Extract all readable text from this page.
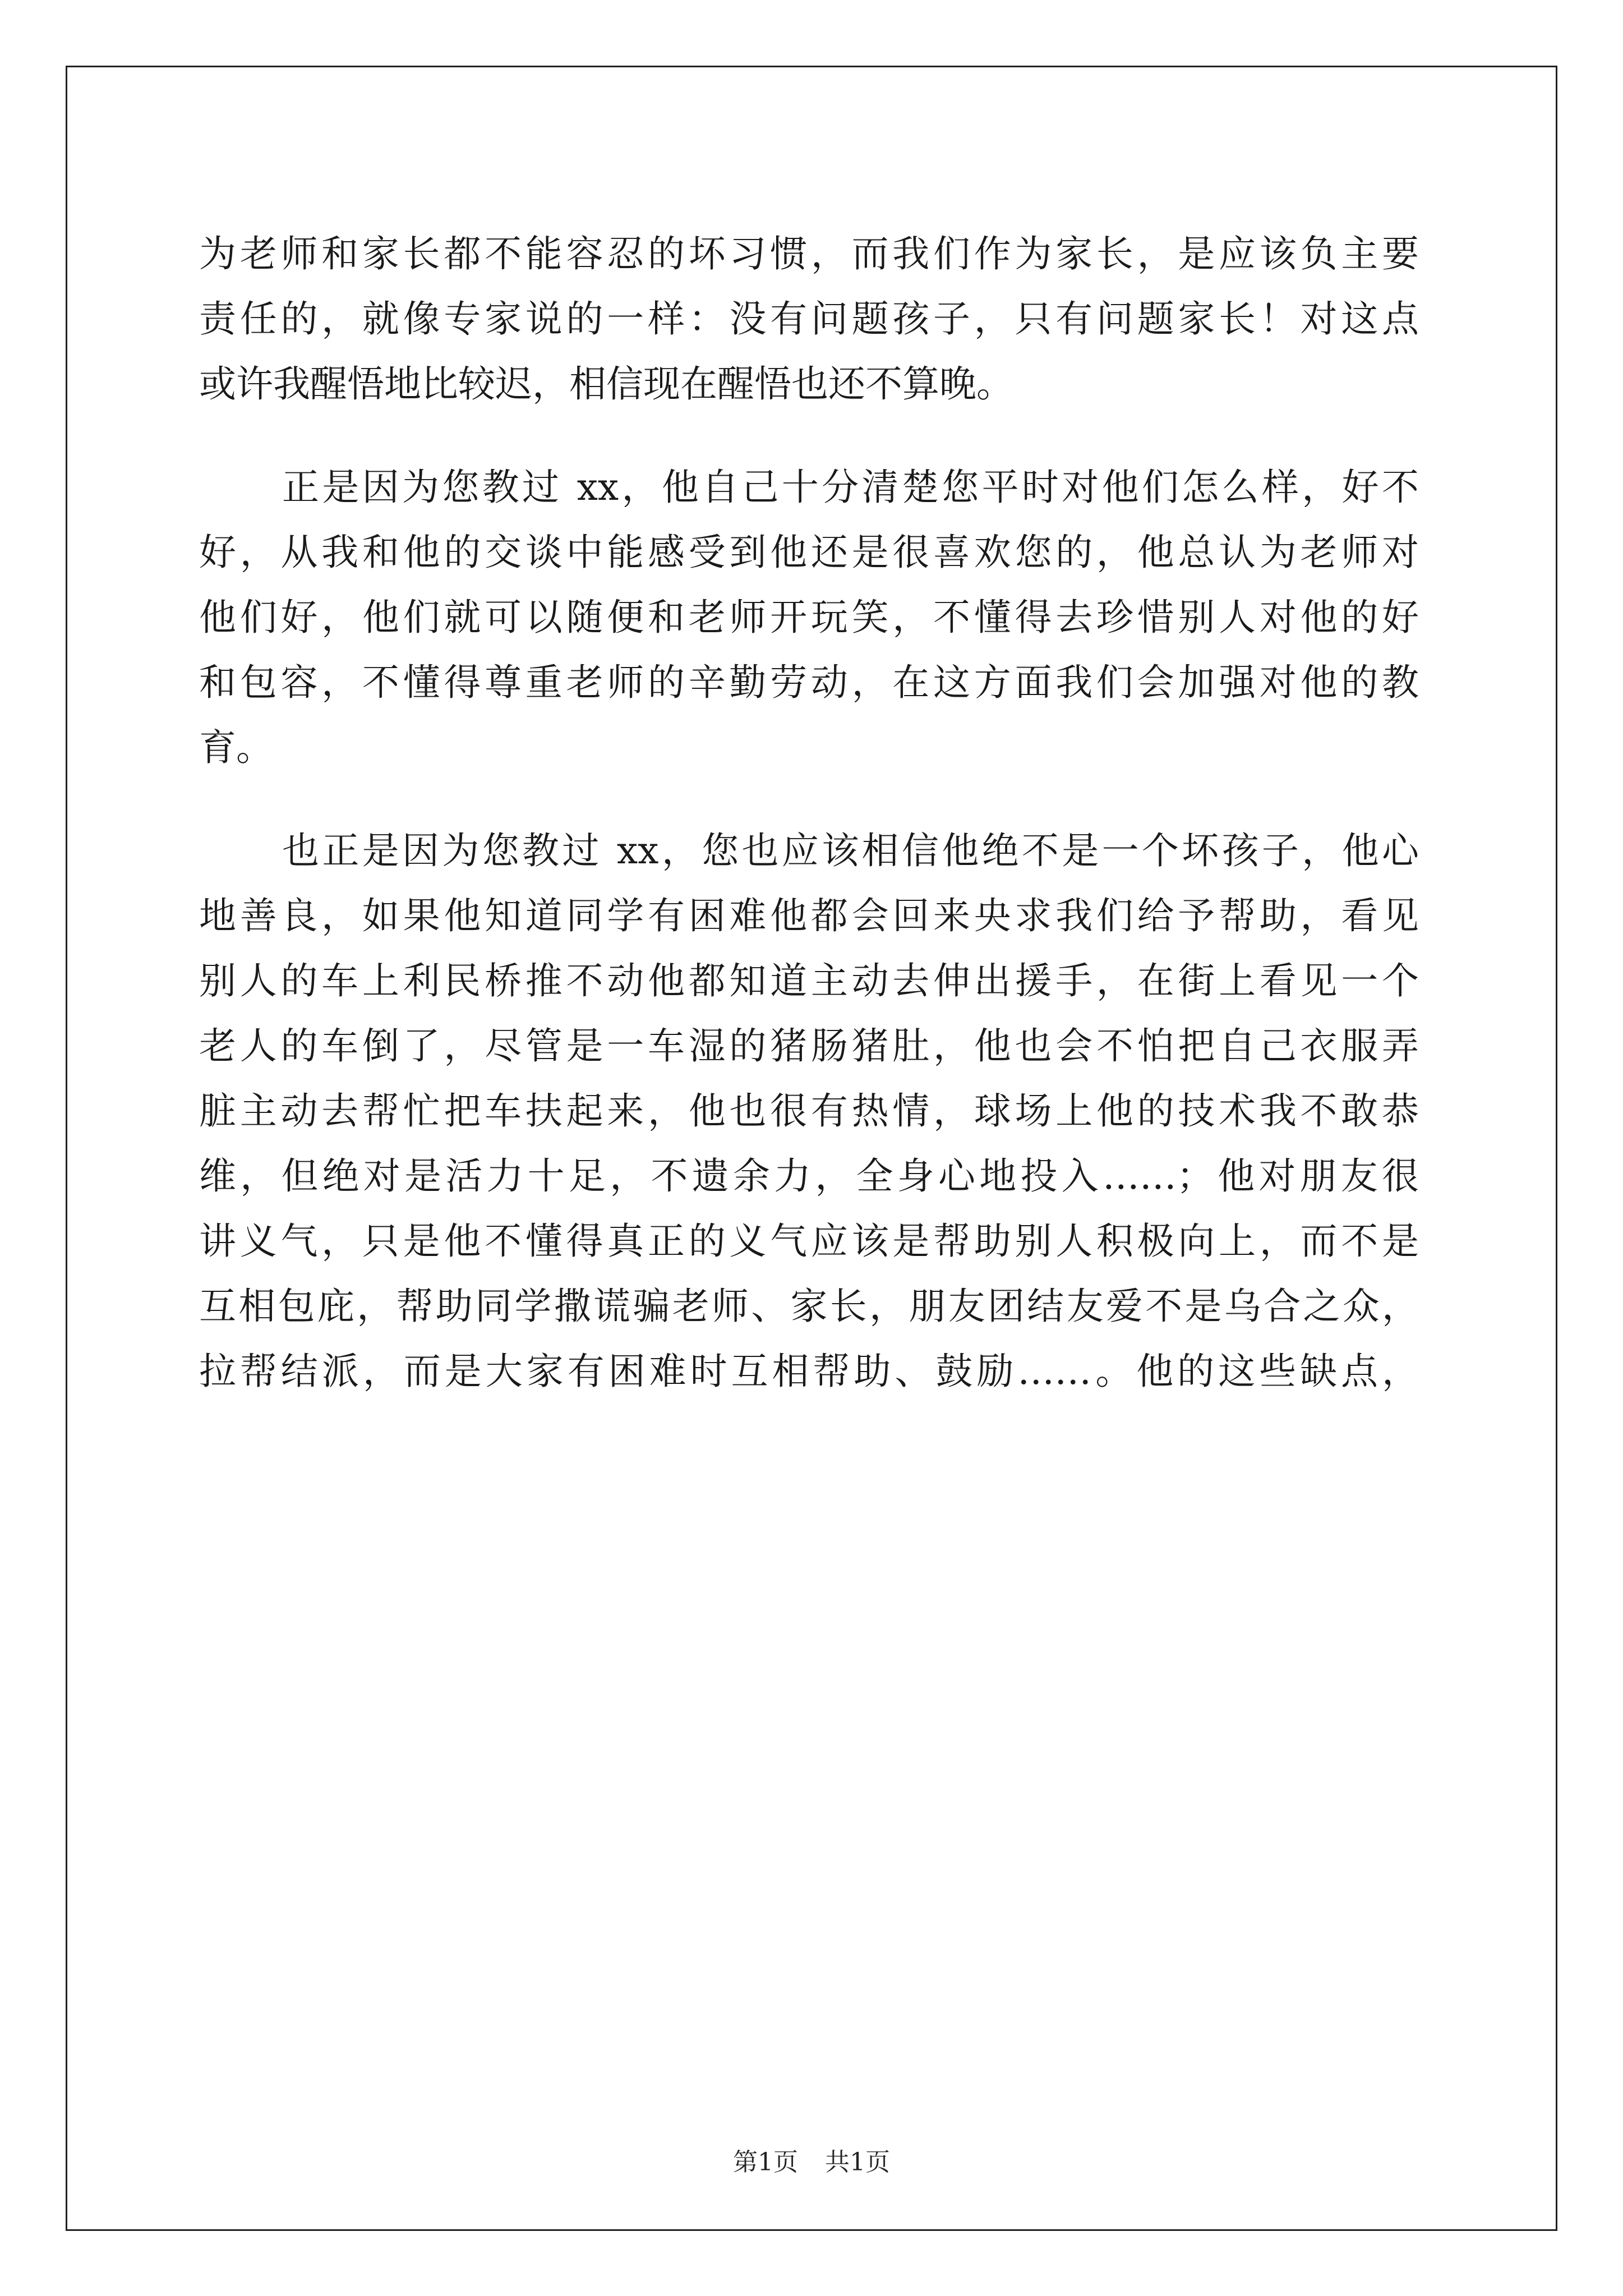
为老师和家长都不能容忍的坏习惯，而我们作为家长，是应该负主要
责任的，就像专家说的一样：没有问题孩子，只有问题家长！对这点
或许我醒悟地比较迟，相信现在醒悟也还不算晚。
正是因为您教过 xx，他自己十分清楚您平时对他们怎么样，好不
好，从我和他的交谈中能感受到他还是很喜欢您的，他总认为老师对
他们好，他们就可以随便和老师开玩笑，不懂得去珍惜别人对他的好
和包容，不懂得尊重老师的辛勤劳动，在这方面我们会加强对他的教
育。
也正是因为您教过 xx，您也应该相信他绝不是一个坏孩子，他心
地善良，如果他知道同学有困难他都会回来央求我们给予帮助，看见
别人的车上利民桥推不动他都知道主动去伸出援手，在街上看见一个
老人的车倒了，尽管是一车湿的猪肠猪肚，他也会不怕把自己衣服弄
脏主动去帮忙把车扶起来，他也很有热情，球场上他的技术我不敢恭
维，但绝对是活力十足，不遗余力，全身心地投入……；他对朋友很
讲义气，只是他不懂得真正的义气应该是帮助别人积极向上，而不是
互相包庇，帮助同学撒谎骗老师、家长，朋友团结友爱不是乌合之众，
拉帮结派，而是大家有困难时互相帮助、鼓励……。他的这些缺点，
第1页 共1页
